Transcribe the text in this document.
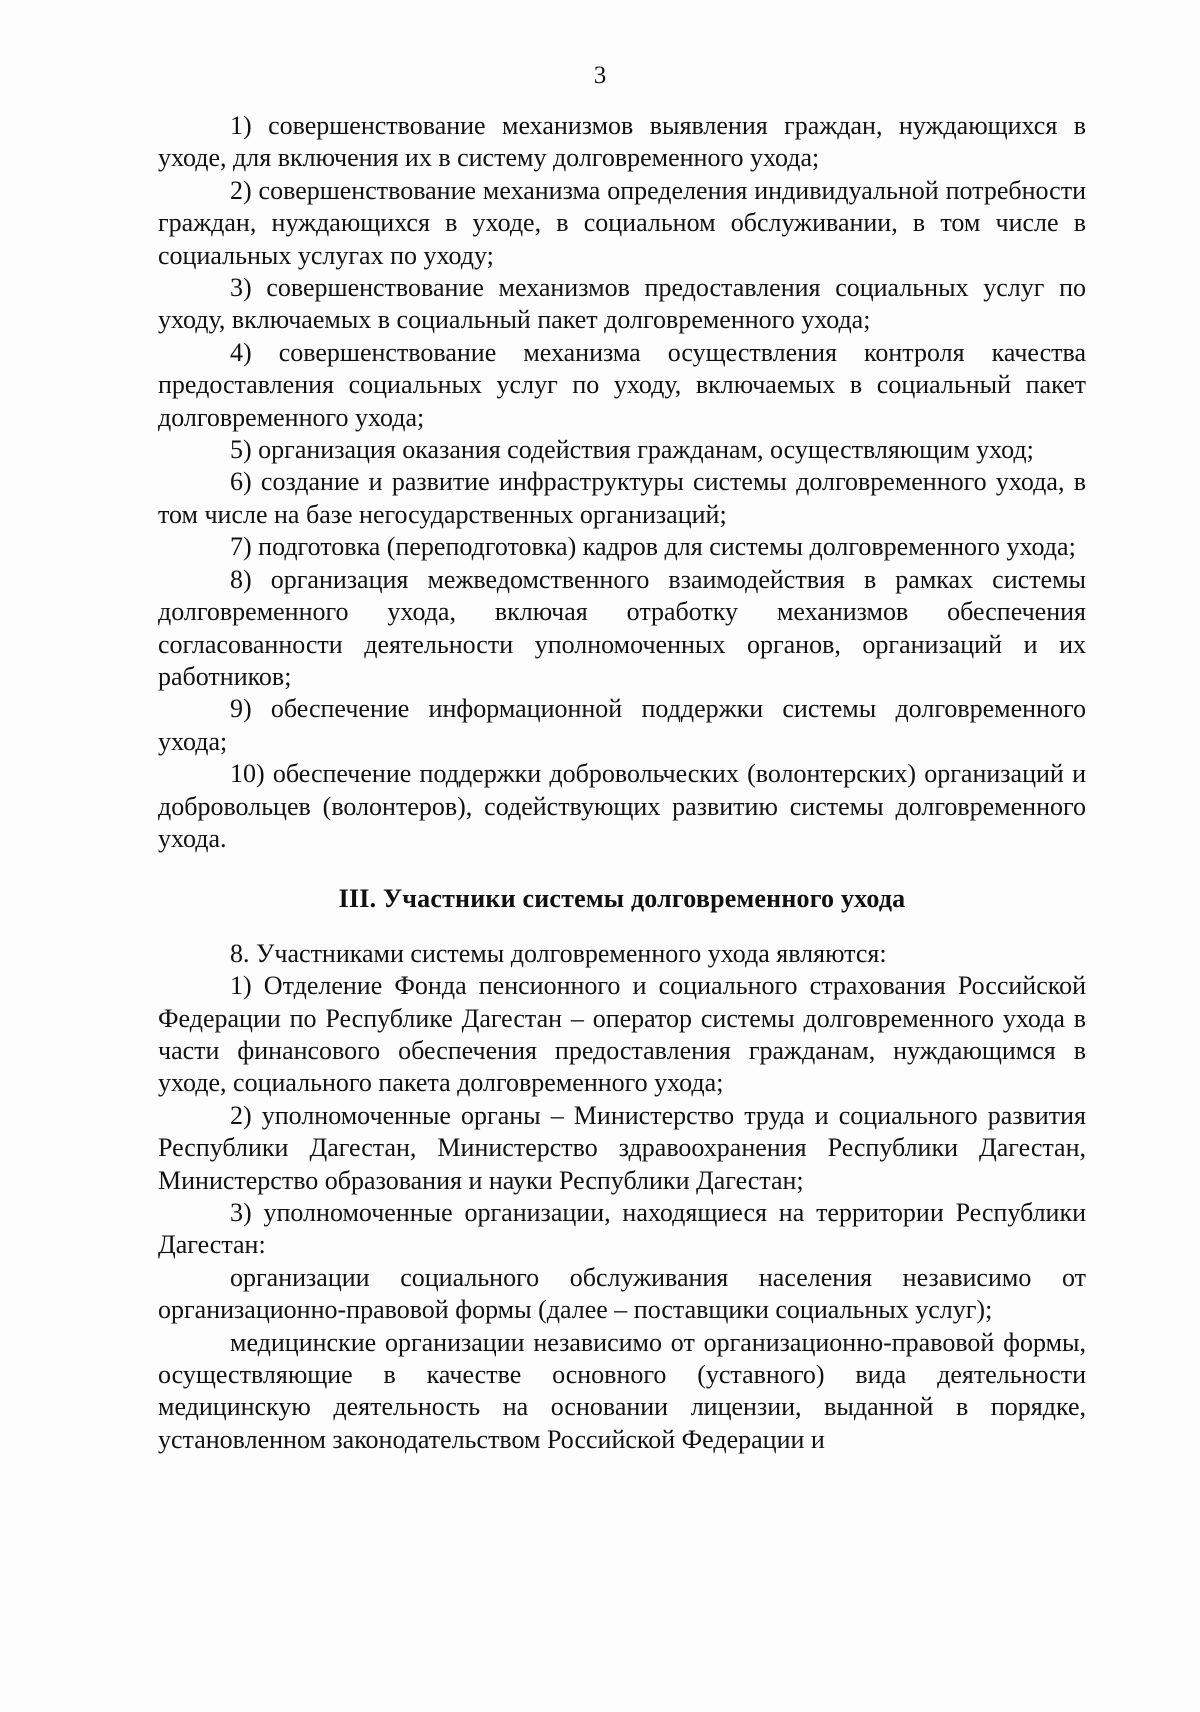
3

1) совершенствование механизмов выявления граждан, нуждающихся в уходе, для включения их в систему долговременного ухода;

2) совершенствование механизма определения индивидуальной потребности граждан, нуждающихся в уходе, в социальном обслуживании, в том числе в социальных услугах по уходу;

3) совершенствование механизмов предоставления социальных услуг по уходу, включаемых в социальный пакет долговременного ухода;

4) совершенствование механизма осуществления контроля качества предоставления социальных услуг по уходу, включаемых в социальный пакет долговременного ухода;

5) организация оказания содействия гражданам, осуществляющим уход;

6) создание и развитие инфраструктуры системы долговременного ухода, в том числе на базе негосударственных организаций;

7) подготовка (переподготовка) кадров для системы долговременного ухода;

8) организация межведомственного взаимодействия в рамках системы долговременного ухода, включая отработку механизмов обеспечения согласованности деятельности уполномоченных органов, организаций и их работников;

9) обеспечение информационной поддержки системы долговременного ухода;

10) обеспечение поддержки добровольческих (волонтерских) организаций и добровольцев (волонтеров), содействующих развитию системы долговременного ухода.

III. Участники системы долговременного ухода

8. Участниками системы долговременного ухода являются:

1) Отделение Фонда пенсионного и социального страхования Российской Федерации по Республике Дагестан – оператор системы долговременного ухода в части финансового обеспечения предоставления гражданам, нуждающимся в уходе, социального пакета долговременного ухода;

2) уполномоченные органы – Министерство труда и социального развития Республики Дагестан, Министерство здравоохранения Республики Дагестан, Министерство образования и науки Республики Дагестан;

3) уполномоченные организации, находящиеся на территории Республики Дагестан:

организации социального обслуживания населения независимо от организационно-правовой формы (далее – поставщики социальных услуг);

медицинские организации независимо от организационно-правовой формы, осуществляющие в качестве основного (уставного) вида деятельности медицинскую деятельность на основании лицензии, выданной в порядке, установленном законодательством Российской Федерации и
